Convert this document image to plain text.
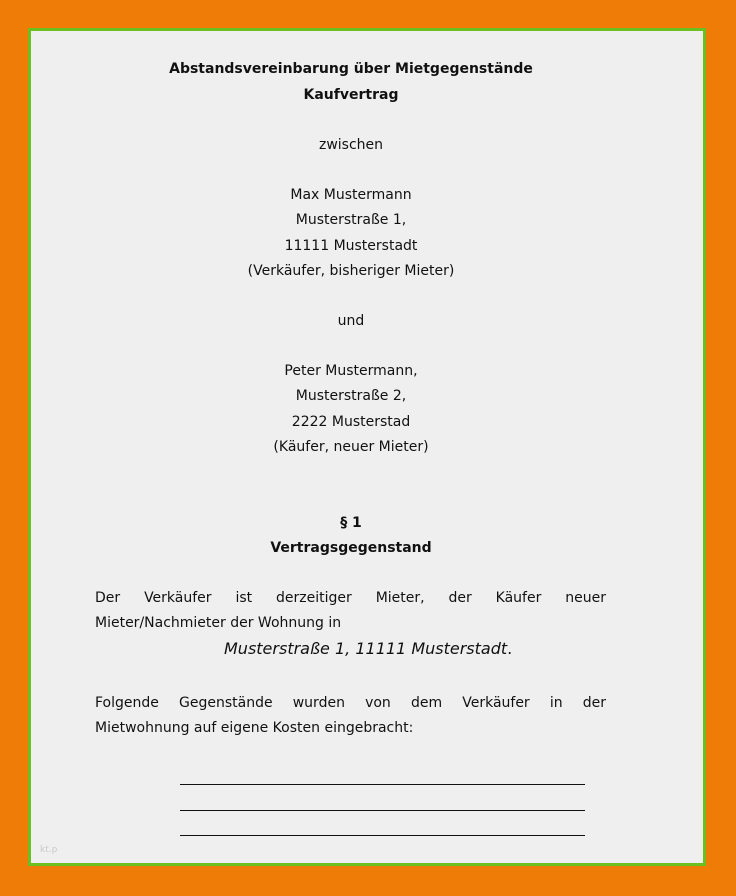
Abstandsvereinbarung über Mietgegenstände
Kaufvertrag
zwischen
Max Mustermann
Musterstraße 1,
11111 Musterstadt
(Verkäufer, bisheriger Mieter)
und
Peter Mustermann,
Musterstraße 2,
2222 Musterstad
(Käufer, neuer Mieter)
§ 1
Vertragsgegenstand
Der Verkäufer ist derzeitiger Mieter, der Käufer neuer
Mieter/Nachmieter der Wohnung in
Musterstraße 1, 11111 Musterstadt.
Folgende Gegenstände wurden von dem Verkäufer in der
Mietwohnung auf eigene Kosten eingebracht:
kt.p
